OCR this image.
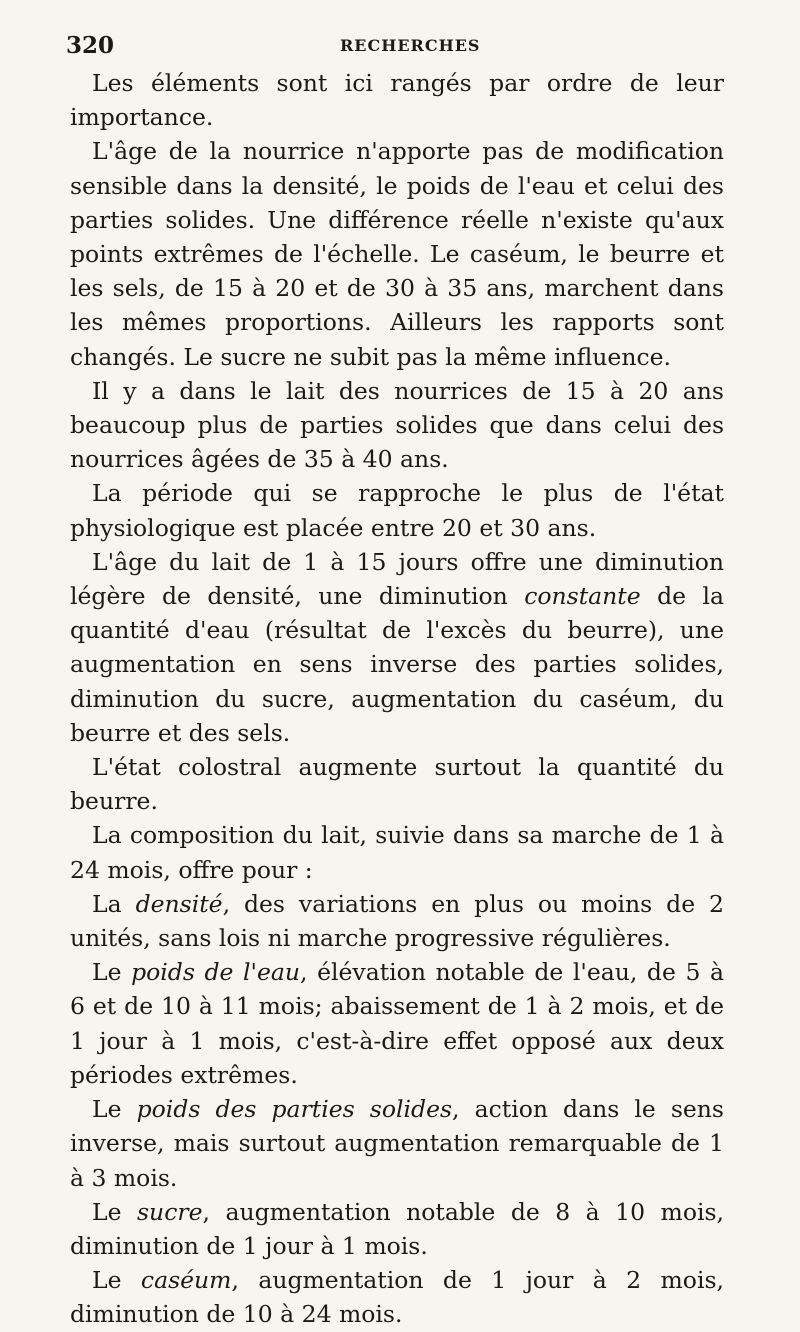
320	RECHERCHES

Les éléments sont ici rangés par ordre de leur importance.

L'âge de la nourrice n'apporte pas de modification sensible dans la densité, le poids de l'eau et celui des parties solides. Une différence réelle n'existe qu'aux points extrêmes de l'échelle. Le caséum, le beurre et les sels, de 15 à 20 et de 30 à 35 ans, marchent dans les mêmes proportions. Ailleurs les rapports sont changés. Le sucre ne subit pas la même influence.

Il y a dans le lait des nourrices de 15 à 20 ans beaucoup plus de parties solides que dans celui des nourrices âgées de 35 à 40 ans.

La période qui se rapproche le plus de l'état physiologique est placée entre 20 et 30 ans.

L'âge du lait de 1 à 15 jours offre une diminution légère de densité, une diminution constante de la quantité d'eau (résultat de l'excès du beurre), une augmentation en sens inverse des parties solides, diminution du sucre, augmentation du caséum, du beurre et des sels.

L'état colostral augmente surtout la quantité du beurre.

La composition du lait, suivie dans sa marche de 1 à 24 mois, offre pour :

La densité, des variations en plus ou moins de 2 unités, sans lois ni marche progressive régulières.

Le poids de l'eau, élévation notable de l'eau, de 5 à 6 et de 10 à 11 mois; abaissement de 1 à 2 mois, et de 1 jour à 1 mois, c'est-à-dire effet opposé aux deux périodes extrêmes.

Le poids des parties solides, action dans le sens inverse, mais surtout augmentation remarquable de 1 à 3 mois.

Le sucre, augmentation notable de 8 à 10 mois, diminution de 1 jour à 1 mois.

Le caséum, augmentation de 1 jour à 2 mois, diminution de 10 à 24 mois.
